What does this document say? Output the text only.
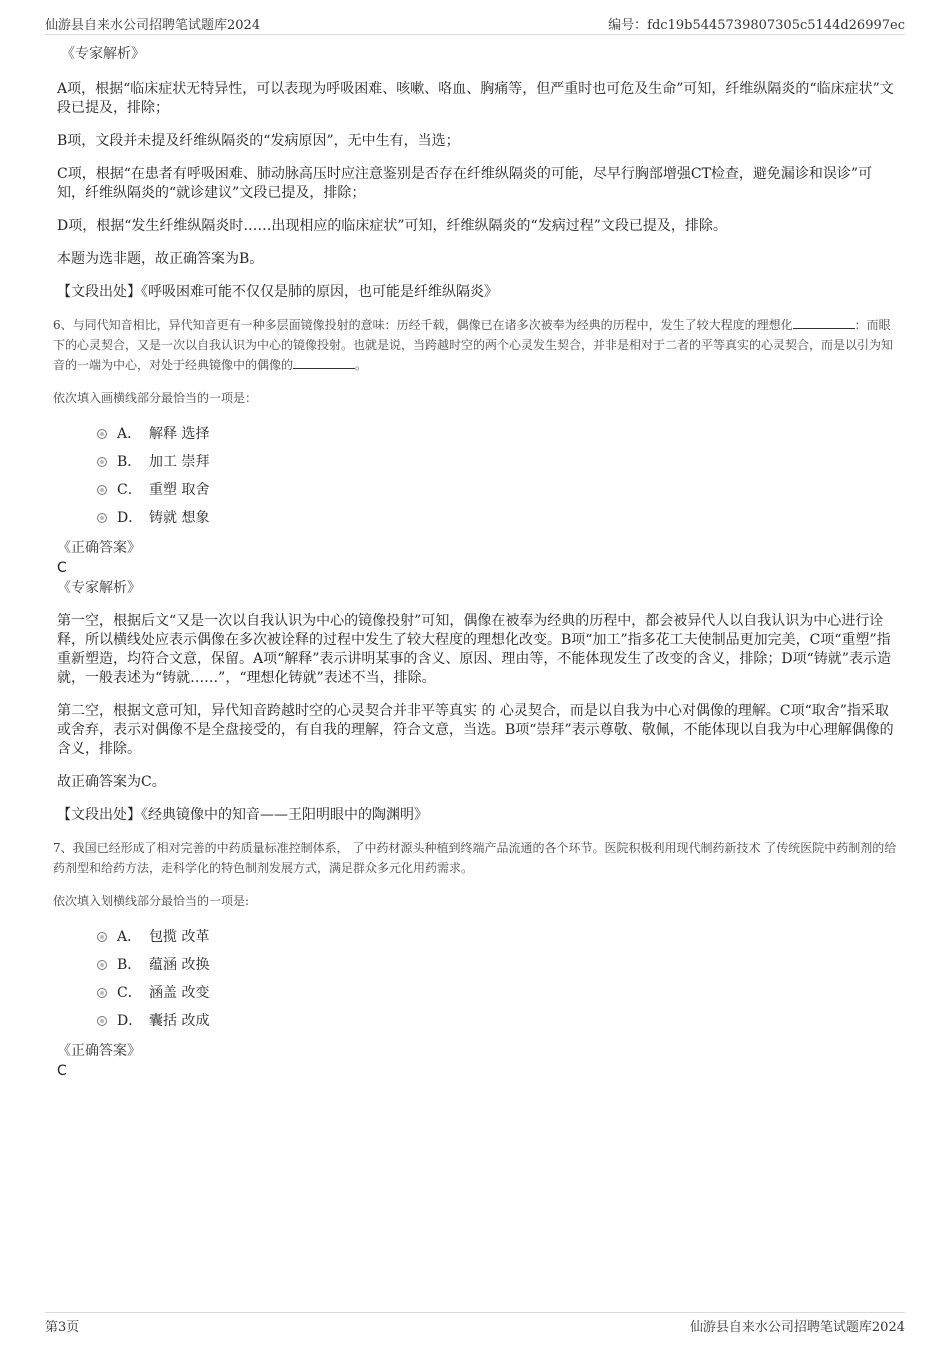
仙游县自来水公司招聘笔试题库2024	编号：fdc19b5445739807305c5144d26997ec
《专家解析》

A项，根据“临床症状无特异性，可以表现为呼吸困难、咳嗽、咯血、胸痛等，但严重时也可危及生命”可知，纤维纵隔炎的“临床症状”文段已提及，排除；

B项，文段并未提及纤维纵隔炎的“发病原因”，无中生有，当选；

C项，根据“在患者有呼吸困难、肺动脉高压时应注意鉴别是否存在纤维纵隔炎的可能，尽早行胸部增强CT检查，避免漏诊和误诊”可知，纤维纵隔炎的“就诊建议”文段已提及，排除；

D项，根据“发生纤维纵隔炎时……出现相应的临床症状”可知，纤维纵隔炎的“发病过程”文段已提及，排除。

本题为选非题，故正确答案为B。

【文段出处】《呼吸困难可能不仅仅是肺的原因，也可能是纤维纵隔炎》

6、与同代知音相比，异代知音更有一种多层面镜像投射的意味：历经千载，偶像已在诸多次被奉为经典的历程中，发生了较大程度的理想化	：而眼下的心灵契合，又是一次以自我认识为中心的镜像投射。也就是说，当跨越时空的两个心灵发生契合，并非是相对于二者的平等真实的心灵契合，而是以引为知音的一端为中心，对处于经典镜像中的偶像的	。

依次填入画横线部分最恰当的一项是：

A． 解释 选择
B． 加工 崇拜
C． 重塑 取舍
D． 铸就 想象
《正确答案》
C
《专家解析》

第一空，根据后文“又是一次以自我认识为中心的镜像投射”可知，偶像在被奉为经典的历程中，都会被异代人以自我认识为中心进行诠释，所以横线处应表示偶像在多次被诠释的过程中发生了较大程度的理想化改变。B项“加工”指多花工夫使制品更加完美，C项“重塑”指重新塑造，均符合文意，保留。A项“解释”表示讲明某事的含义、原因、理由等，不能体现发生了改变的含义，排除；D项“铸就”表示造就，一般表述为“铸就……”，“理想化铸就”表述不当，排除。

第二空，根据文意可知，异代知音跨越时空的心灵契合并非平等真实 的 心灵契合，而是以自我为中心对偶像的理解。C项“取舍”指采取或舍弃，表示对偶像不是全盘接受的，有自我的理解，符合文意，当选。B项“崇拜”表示尊敬、敬佩，不能体现以自我为中心理解偶像的含义，排除。

故正确答案为C。

【文段出处】《经典镜像中的知音——王阳明眼中的陶渊明》

7、我国已经形成了相对完善的中药质量标准控制体系， 了中药材源头种植到终端产品流通的各个环节。医院积极利用现代制药新技术 了传统医院中药制剂的给药剂型和给药方法，走科学化的特色制剂发展方式，满足群众多元化用药需求。

依次填入划横线部分最恰当的一项是:

A． 包揽 改革
B． 蕴涵 改换
C． 涵盖 改变
D． 囊括 改成
《正确答案》
C
第3页	仙游县自来水公司招聘笔试题库2024
